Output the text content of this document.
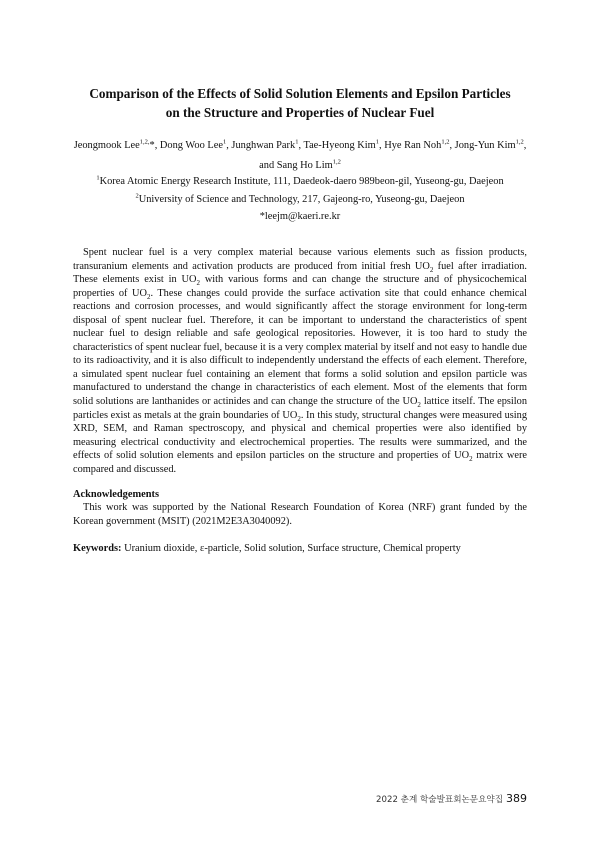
Comparison of the Effects of Solid Solution Elements and Epsilon Particles
on the Structure and Properties of Nuclear Fuel
Jeongmook Lee$^{1,2,}$*, Dong Woo Lee$^1$, Junghwan Park$^1$, Tae-Hyeong Kim$^1$, Hye Ran Noh$^{1,2}$, Jong-Yun Kim$^{1,2}$,
and Sang Ho Lim$^{1,2}$
$^1$Korea Atomic Energy Research Institute, 111, Daedeok-daero 989beon-gil, Yuseong-gu, Daejeon
$^2$University of Science and Technology, 217, Gajeong-ro, Yuseong-gu, Daejeon
*leejm@kaeri.re.kr

Spent nuclear fuel is a very complex material because various elements such as fission products, transuranium elements and activation products are produced from initial fresh $UO_2$ fuel after irradiation. These elements exist in $UO_2$ with various forms and can change the structure and of physicochemical properties of $UO_2$. These changes could provide the surface activation site that could enhance chemical reactions and corrosion processes, and would significantly affect the storage environment for long-term disposal of spent nuclear fuel. Therefore, it can be important to understand the characteristics of spent nuclear fuel to design reliable and safe geological repositories. However, it is too hard to study the characteristics of spent nuclear fuel, because it is a very complex material by itself and not easy to handle due to its radioactivity, and it is also difficult to independently understand the effects of each element. Therefore, a simulated spent nuclear fuel containing an element that forms a solid solution and epsilon particle was manufactured to understand the change in characteristics of each element. Most of the elements that form solid solutions are lanthanides or actinides and can change the structure of the $UO_2$ lattice itself. The epsilon particles exist as metals at the grain boundaries of $UO_2$. In this study, structural changes were measured using XRD, SEM, and Raman spectroscopy, and physical and chemical properties were also identified by measuring electrical conductivity and electrochemical properties. The results were summarized, and the effects of solid solution elements and epsilon particles on the structure and properties of $UO_2$ matrix were compared and discussed.

Acknowledgements

This work was supported by the National Research Foundation of Korea (NRF) grant funded by the Korean government (MSIT) (2021M2E3A3040092).

Keywords: Uranium dioxide, ε-particle, Solid solution, Surface structure, Chemical property
2022 춘계 학술발표회논문요약집 389
